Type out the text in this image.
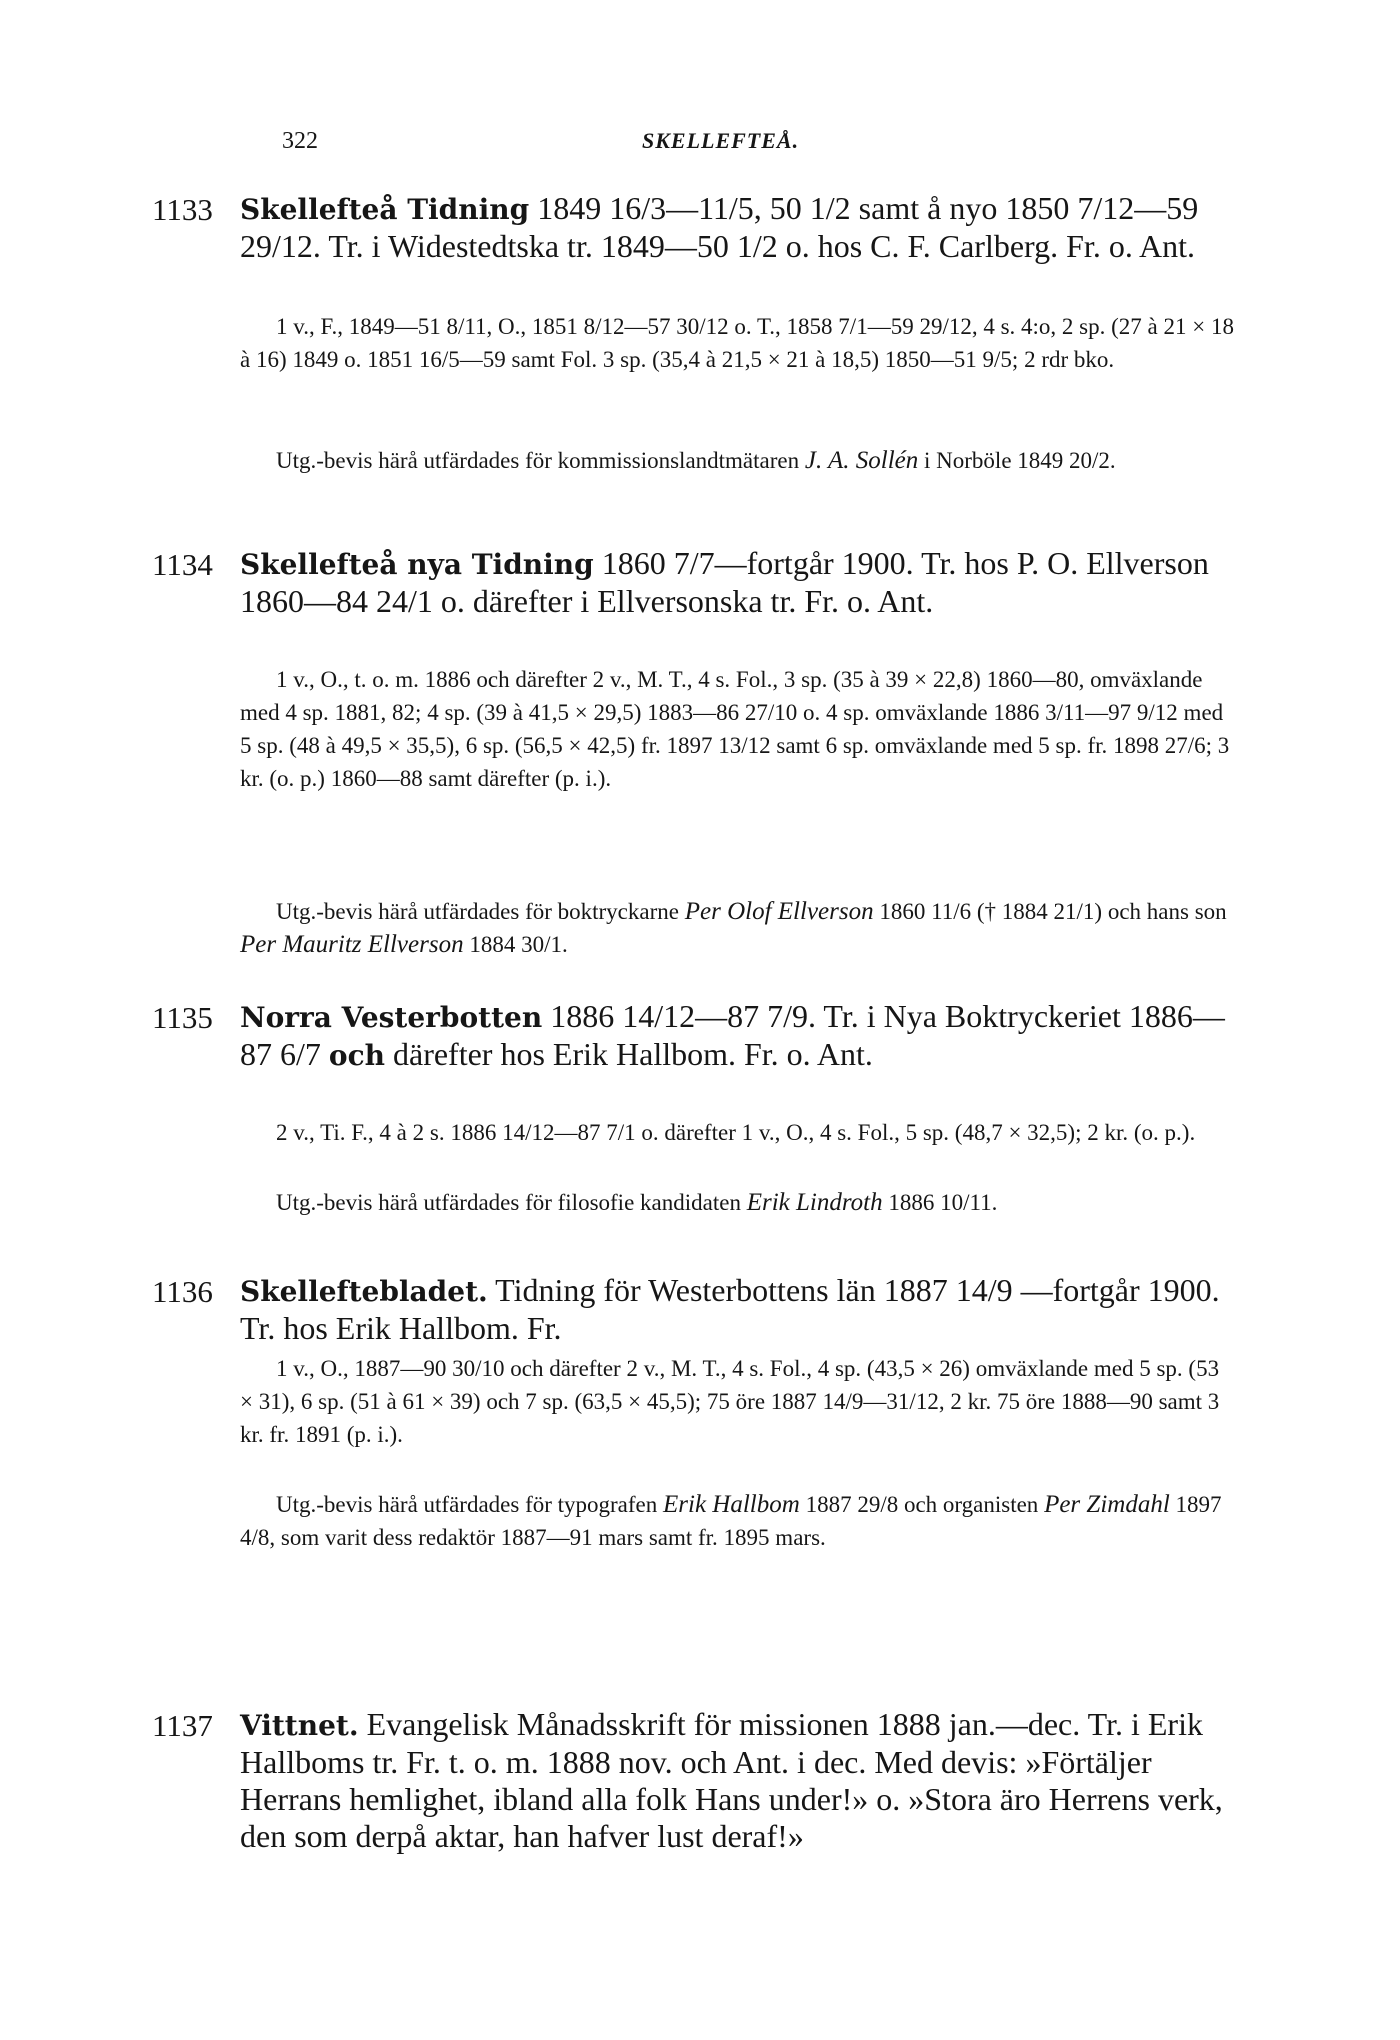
322	SKELLEFTEÅ.
1133 Skellefteå Tidning 1849 16/3—11/5, 50 1/2 samt å nyo 1850 7/12—59 29/12. Tr. i Widestedtska tr. 1849—50 1/2 o. hos C. F. Carlberg. Fr. o. Ant.
1 v., F., 1849—51 8/11, O., 1851 8/12—57 30/12 o. T., 1858 7/1—59 29/12, 4 s. 4:o, 2 sp. (27 à 21 × 18 à 16) 1849 o. 1851 16/5—59 samt Fol. 3 sp. (35,4 à 21,5 × 21 à 18,5) 1850—51 9/5; 2 rdr bko.
Utg.-bevis härå utfärdades för kommissionslandtmätaren J. A. Sollén i Norböle 1849 20/2.
1134 Skellefteå nya Tidning 1860 7/7—fortgår 1900. Tr. hos P. O. Ellverson 1860—84 24/1 o. därefter i Ellversonska tr. Fr. o. Ant.
1 v., O., t. o. m. 1886 och därefter 2 v., M. T., 4 s. Fol., 3 sp. (35 à 39 × 22,8) 1860—80, omväxlande med 4 sp. 1881, 82; 4 sp. (39 à 41,5 × 29,5) 1883—86 27/10 o. 4 sp. omväxlande 1886 3/11—97 9/12 med 5 sp. (48 à 49,5 × 35,5), 6 sp. (56,5 × 42,5) fr. 1897 13/12 samt 6 sp. omväxlande med 5 sp. fr. 1898 27/6; 3 kr. (o. p.) 1860—88 samt därefter (p. i.).
Utg.-bevis härå utfärdades för boktryckarne Per Olof Ellverson 1860 11/6 († 1884 21/1) och hans son Per Mauritz Ellverson 1884 30/1.
1135 Norra Vesterbotten 1886 14/12—87 7/9. Tr. i Nya Boktryckeriet 1886—87 6/7 och därefter hos Erik Hallbom. Fr. o. Ant.
2 v., Ti. F., 4 à 2 s. 1886 14/12—87 7/1 o. därefter 1 v., O., 4 s. Fol., 5 sp. (48,7 × 32,5); 2 kr. (o. p.).
Utg.-bevis härå utfärdades för filosofie kandidaten Erik Lindroth 1886 10/11.
1136 Skelleftebladet. Tidning för Westerbottens län 1887 14/9 —fortgår 1900. Tr. hos Erik Hallbom. Fr.
1 v., O., 1887—90 30/10 och därefter 2 v., M. T., 4 s. Fol., 4 sp. (43,5 × 26) omväxlande med 5 sp. (53 × 31), 6 sp. (51 à 61 × 39) och 7 sp. (63,5 × 45,5); 75 öre 1887 14/9—31/12, 2 kr. 75 öre 1888—90 samt 3 kr. fr. 1891 (p. i.).
Utg.-bevis härå utfärdades för typografen Erik Hallbom 1887 29/8 och organisten Per Zimdahl 1897 4/8, som varit dess redaktör 1887—91 mars samt fr. 1895 mars.
1137 Vittnet. Evangelisk Månadsskrift för missionen 1888 jan.—dec. Tr. i Erik Hallboms tr. Fr. t. o. m. 1888 nov. och Ant. i dec. Med devis: »Förtäljer Herrans hemlighet, ibland alla folk Hans under!» o. »Stora äro Herrens verk, den som derpå aktar, han hafver lust deraf!»
